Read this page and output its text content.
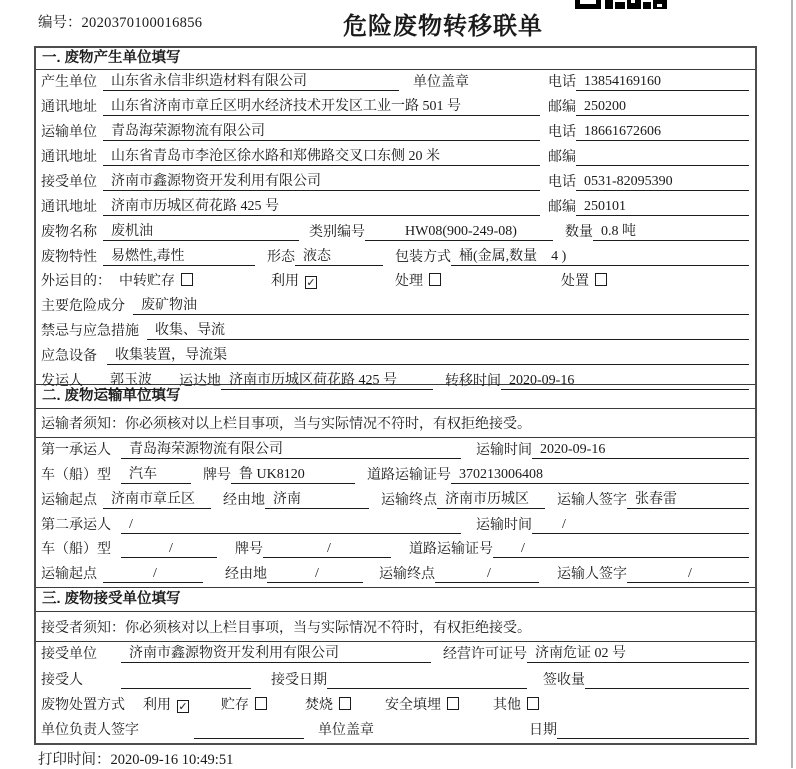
编号：2020370100016856	危险废物转移联单
一. 废物产生单位填写
产生单位	山东省永信非织造材料有限公司	单位盖章	电话 13854169160
通讯地址	山东省济南市章丘区明水经济技术开发区工业一路 501 号	邮编 250200
运输单位	青岛海荣源物流有限公司	电话 18661672606
通讯地址	山东省青岛市李沧区徐水路和郑佛路交叉口东侧 20 米	邮编
接受单位	济南市鑫源物资开发利用有限公司	电话 0531-82095390
通讯地址	济南市历城区荷花路 425 号	邮编 250101
废物名称	废机油	类别编号	HW08(900-249-08)	数量 0.8 吨
废物特性	易燃性,毒性	形态 液态	包装方式 桶(金属,数量　4 )
外运目的： 中转贮存	利用 ✓	处理	处置
主要危险成分	废矿物油
禁忌与应急措施	收集、导流
应急设备	收集装置，导流渠
发运人	郭玉波	运达地 济南市历城区荷花路 425 号	转移时间 2020-09-16
二. 废物运输单位填写
运输者须知：你必须核对以上栏目事项，当与实际情况不符时，有权拒绝接受。
第一承运人	青岛海荣源物流有限公司	运输时间 2020-09-16
车（船）型	汽车	牌号 鲁 UK8120	道路运输证号 370213006408
运输起点	济南市章丘区	经由地 济南	运输终点 济南市历城区	运输人签字 张春雷
第二承运人	/	运输时间	/
车（船）型	/	牌号	/	道路运输证号	/
运输起点	/	经由地	/	运输终点	/	运输人签字	/
三. 废物接受单位填写
接受者须知：你必须核对以上栏目事项，当与实际情况不符时，有权拒绝接受。
接受单位	济南市鑫源物资开发利用有限公司	经营许可证号 济南危证 02 号
接受人	接受日期	签收量
废物处置方式 利用 ✓ 贮存	焚烧	安全填埋	其他
单位负责人签字	单位盖章	日期
打印时间：2020-09-16 10:49:51
